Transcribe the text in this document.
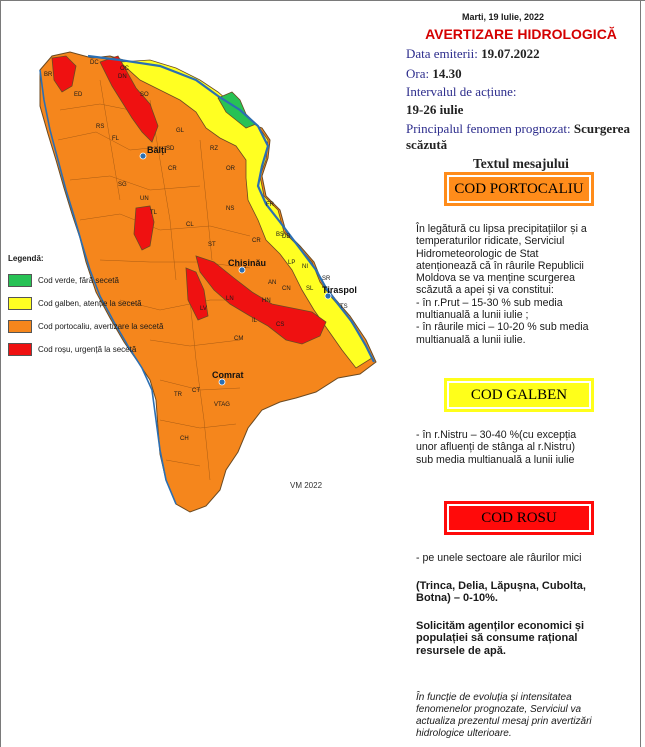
Bălți
Chișinău
Tiraspol
Comrat
BR
DC
OC
ED
DN
SO
RS
FL
SG
CR
SD
GL
RZ
OR
UN
TL
CL
ST
NS
CR
BS
CM
LV
LN
CH
TR
CT
VTAG
DB
SL
CN
TS
LP
HN
CS
IL
AN
NI
SR
FR
Legendă:
Cod verde, fără secetă
Cod galben, atenție la secetă
Cod portocaliu, avertizare la secetă
Cod roșu, urgență la secetă
VM 2022
Marti, 19 Iulie, 2022
AVERTIZARE HIDROLOGICĂ
Data emiterii: 19.07.2022
Ora: 14.30
Intervalul de acțiune:
19-26 iulie
Principalul fenomen prognozat: Scurgerea
scăzută
Textul mesajului
COD PORTOCALIU
În legătură cu lipsa precipitațiilor și a
temperaturilor ridicate, Serviciul
Hidrometeorologic de Stat
atenționează că în râurile Republicii
Moldova se va menține scurgerea
scăzută a apei și va constitui:
- în r.Prut – 15-30 % sub media
multianuală a lunii iulie ;
- în râurile mici – 10-20 % sub media
multianuală a lunii iulie.
COD GALBEN
- în r.Nistru – 30-40 %(cu excepția
unor afluenți de stânga al r.Nistru)
sub media multianuală a lunii iulie
COD ROSU
- pe unele sectoare ale râurilor mici
(Trinca, Delia, Lăpușna, Cubolta,
Botna) – 0-10%.
Solicităm agenților economici și
populației să consume rațional
resursele de apă.
În funcție de evoluția și intensitatea
fenomenelor prognozate, Serviciul va
actualiza prezentul mesaj prin avertizări
hidrologice ulterioare.
